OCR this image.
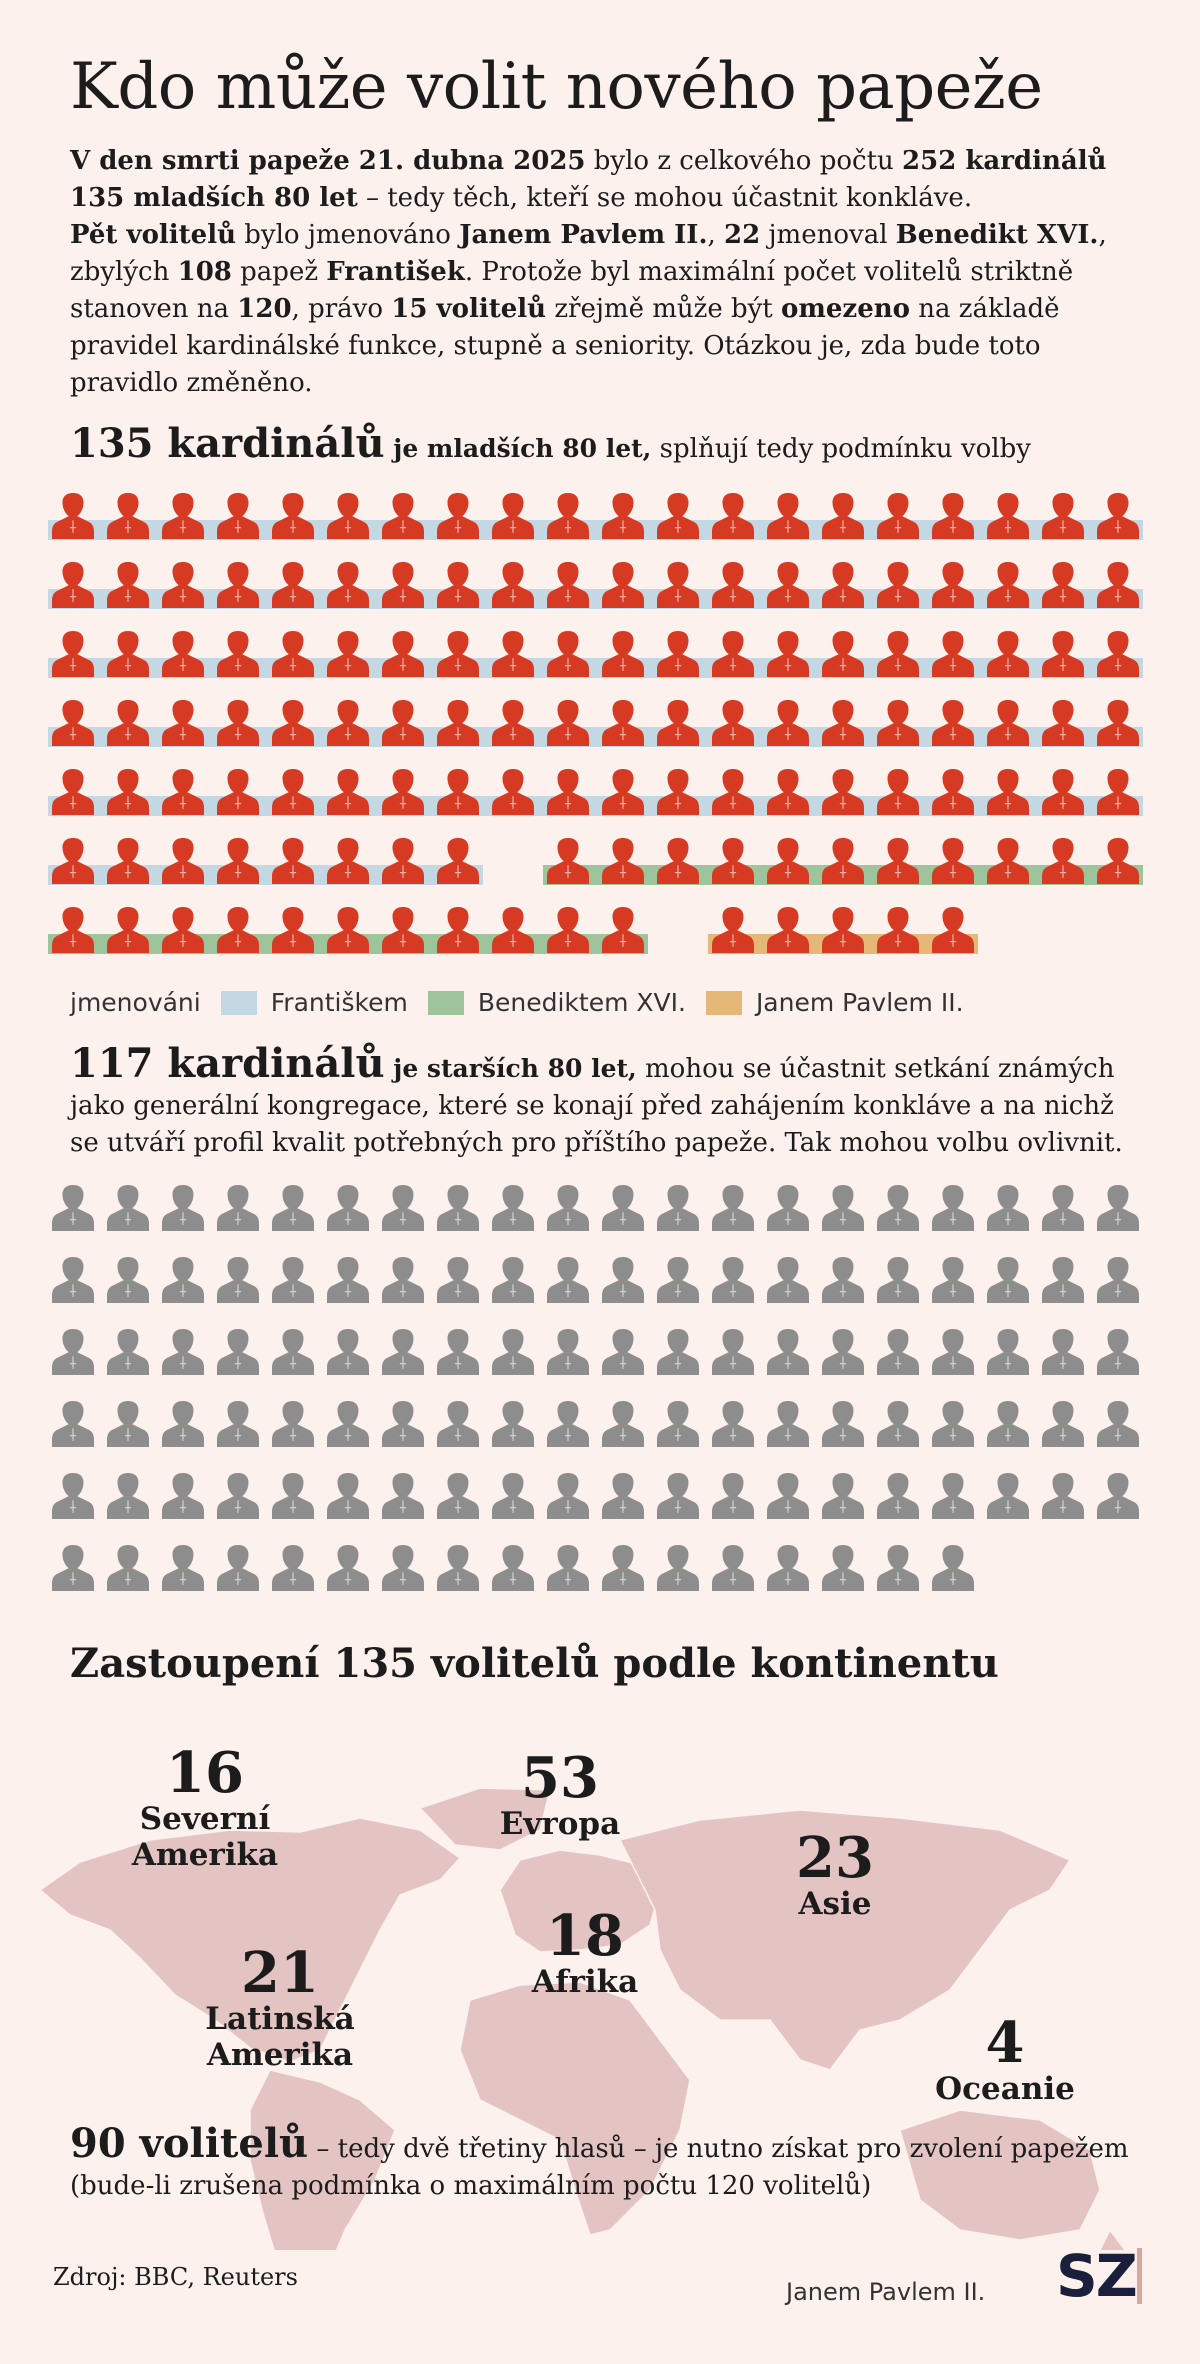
Kdo může volit nového papeže
V den smrti papeže 21. dubna 2025 bylo z celkového počtu 252 kardinálů
135 mladších 80 let – tedy těch, kteří se mohou účastnit konkláve.
Pět volitelů bylo jmenováno Janem Pavlem II., 22 jmenoval Benedikt XVI., zbylých 108 papež František. Protože byl maximální počet volitelů striktně stanoven na 120, právo 15 volitelů zřejmě může být omezeno na základě pravidel kardinálské funkce, stupně a seniority. Otázkou je, zda bude toto pravidlo změněno.
135 kardinálů je mladších 80 let, splňují tedy podmínku volby
jmenováni	Františkem	Benediktem XVI.	Janem Pavlem II.
117 kardinálů je starších 80 let, mohou se účastnit setkání známých jako generální kongregace, které se konají před zahájením konkláve a na nichž se utváří profil kvalit potřebných pro příštího papeže. Tak mohou volbu ovlivnit.
Zastoupení 135 volitelů podle kontinentu
16
Severní Amerika
53
Evropa
23
Asie
18
Afrika
21
Latinská Amerika	4
Oceanie
90 volitelů – tedy dvě třetiny hlasů – je nutno získat pro zvolení papežem (bude-li zrušena podmínka o maximálním počtu 120 volitelů)
Zdroj: BBC, Reuters
Janem Pavlem II. SZ
